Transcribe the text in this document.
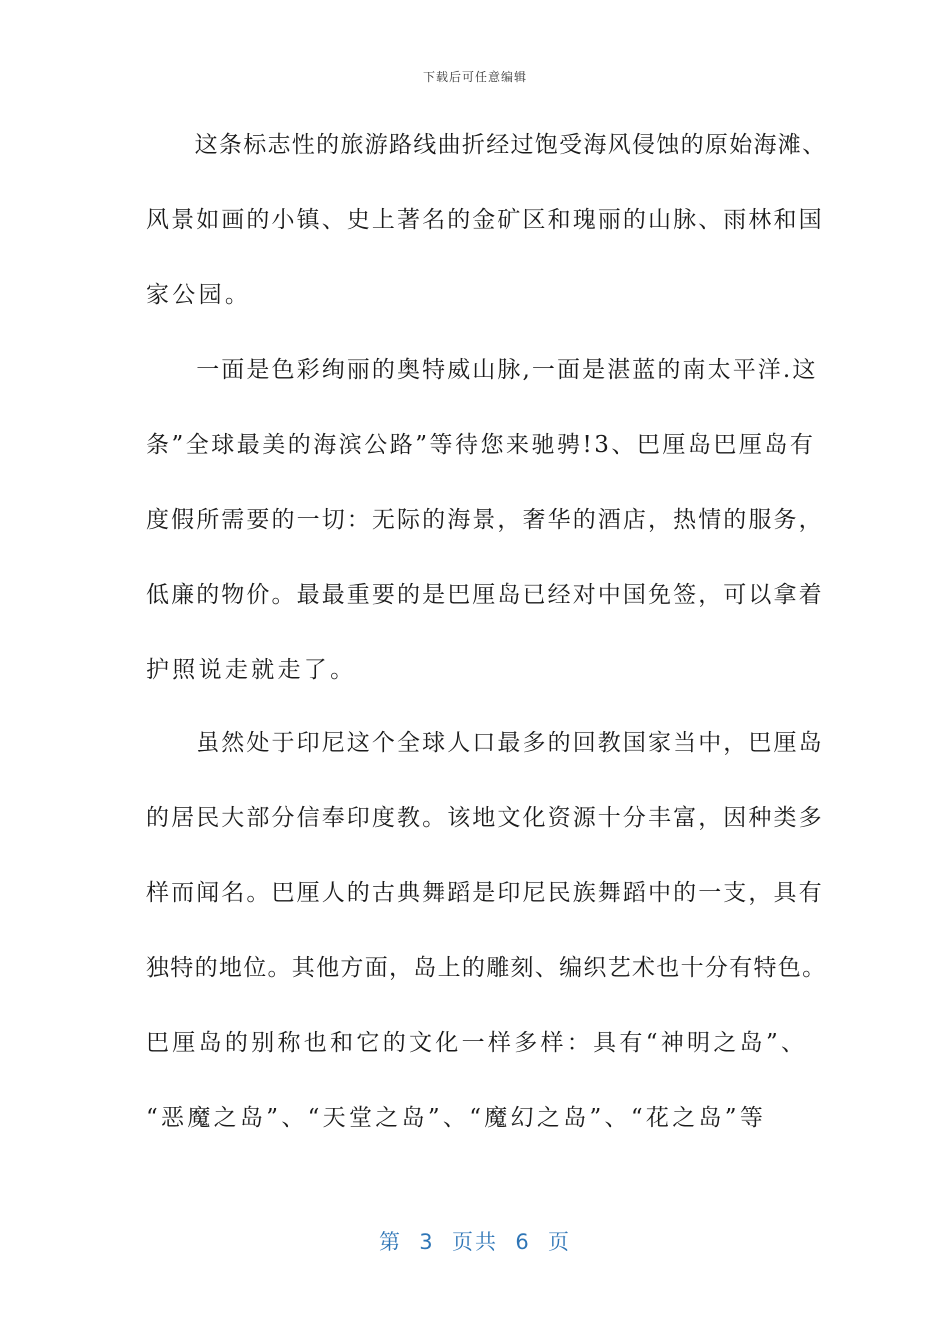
下载后可任意编辑
　　这条标志性的旅游路线曲折经过饱受海风侵蚀的原始海滩、
风景如画的小镇、史上著名的金矿区和瑰丽的山脉、雨林和国
家公园。
　　一面是色彩绚丽的奥特威山脉,一面是湛蓝的南太平洋.这
条”全球最美的海滨公路”等待您来驰骋!3、巴厘岛巴厘岛有
度假所需要的一切：无际的海景，奢华的酒店，热情的服务，
低廉的物价。最最重要的是巴厘岛已经对中国免签，可以拿着
护照说走就走了。
　　虽然处于印尼这个全球人口最多的回教国家当中，巴厘岛
的居民大部分信奉印度教。该地文化资源十分丰富，因种类多
样而闻名。巴厘人的古典舞蹈是印尼民族舞蹈中的一支，具有
独特的地位。其他方面，岛上的雕刻、编织艺术也十分有特色。
巴厘岛的别称也和它的文化一样多样：具有“神明之岛”、
“恶魔之岛”、“天堂之岛”、“魔幻之岛”、“花之岛”等
第  3  页共  6  页
